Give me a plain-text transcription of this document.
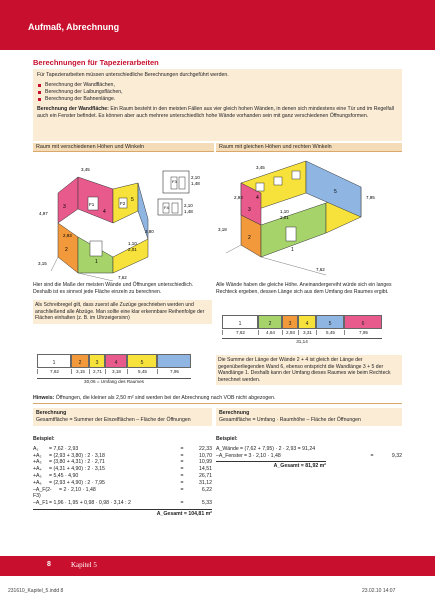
Aufmaß, Abrechnung
Berechnungen für Tapezierarbeiten
Für Tapezierarbeiten müssen unterschiedliche Berechnungen durchgeführt werden.
Berechnung der Wandflächen,
Berechnung der Laibungsflächen,
Berechnung der Bahnenlänge.
Berechnung der Wandfläche: Ein Raum besteht in den meisten Fällen aus vier gleich hohen Wänden, in denen sich mindestens eine Tür und im Regelfall auch ein Fenster befindet. Es können aber auch mehrere unterschiedlich hohe Wände vorhanden sein mit ganz verschiedenen Öffnungsformen.
Raum mit verschiedenen Höhen und Winkeln
3,45
4,97
2,10
1,48
2,10
1,48
1,10
2,01
3,15
2,93
7,62
3,80
1
2
3
4
5
F1	F2
F3
F4
Raum mit gleichen Höhen und rechten Winkeln
3,45
7,95
1,10
2,01
3,18
2,93
7,62
1
2
3
4
5
Hier sind die Maße der meisten Wände und Öffnungen unterschiedlich. Deshalb ist es sinnvol jede Fläche einzeln zu berechnen.
Als Schreibregel gilt, dass zuerst alle Zuzüge geschrieben werden und anschließend alle Abzüge. Man sollte eine klar erkennbare Reihenfolge der Flächen einhalten (z. B. im Uhrzeigersinn)
1	2	3	4	5
7,62	3,15	2,71	3,18	5,45	7,95
30,06 = Umfang des Raumes
Alle Wände haben die gleiche Höhe. Aneinandergereiht würde sich ein langes Rechteck ergeben, dessen Länge sich aus dem Umfang des Raumes ergibt.
1	2	3	4	5	6
7,62	4,64	2,93	3,31	5,45	7,95
31,14
Die Summe der Länge der Wände 2 + 4 ist gleich der Länge der gegenüberliegenden Wand 6, ebenso entspricht die Wandlänge 3 + 5 der Wandlänge 1. Deshalb kann der Umfang dieses Raumes wie beim Rechteck berechnet werden.
Hinweis: Öffnungen, die kleiner als 2,50 m² sind werden bei der Abrechnung nach VOB nicht abgezogen.
Berechnung
Gesamtfläche = Summer der Einzelflächen – Fläche der Öffnungen
Beispiel:
A₁	= 7,62 · 2,93	=	22,33
+A₂	= (2,93 + 3,80) : 2 · 3,18	=	10,70
+A₃	= (3,80 + 4,31) : 2 · 2,71	=	10,99
+A₄	= (4,31 + 4,90) : 2 · 3,15	=	14,51
+A₅	= 5,45 · 4,90	=	26,71
+A₆	= (2,93 + 4,90) : 2 · 7,95	=	31,12
–A_F(2-F3)
= 2 · 2,10 · 1,48	=	6,22
–A_F1 = 1,96 · 1,95 + 0,98 · 0,98 · 3,14 : 2	=	5,33
A_Gesamt = 104,81 m²
Berechnung
Gesamtfläche = Umfang · Raumhöhe – Fläche der Öffnungen
Beispiel:
A_Wände = (7,62 + 7,95) · 2 · 2,93 = 91,24
–A_Fenster = 3 · 2,10 · 1,48	=	9,32
A_Gesamt = 81,92 m²
8	Kapitel 5
231610_Kapitel_5.indd 8	23.02.10 14:07
